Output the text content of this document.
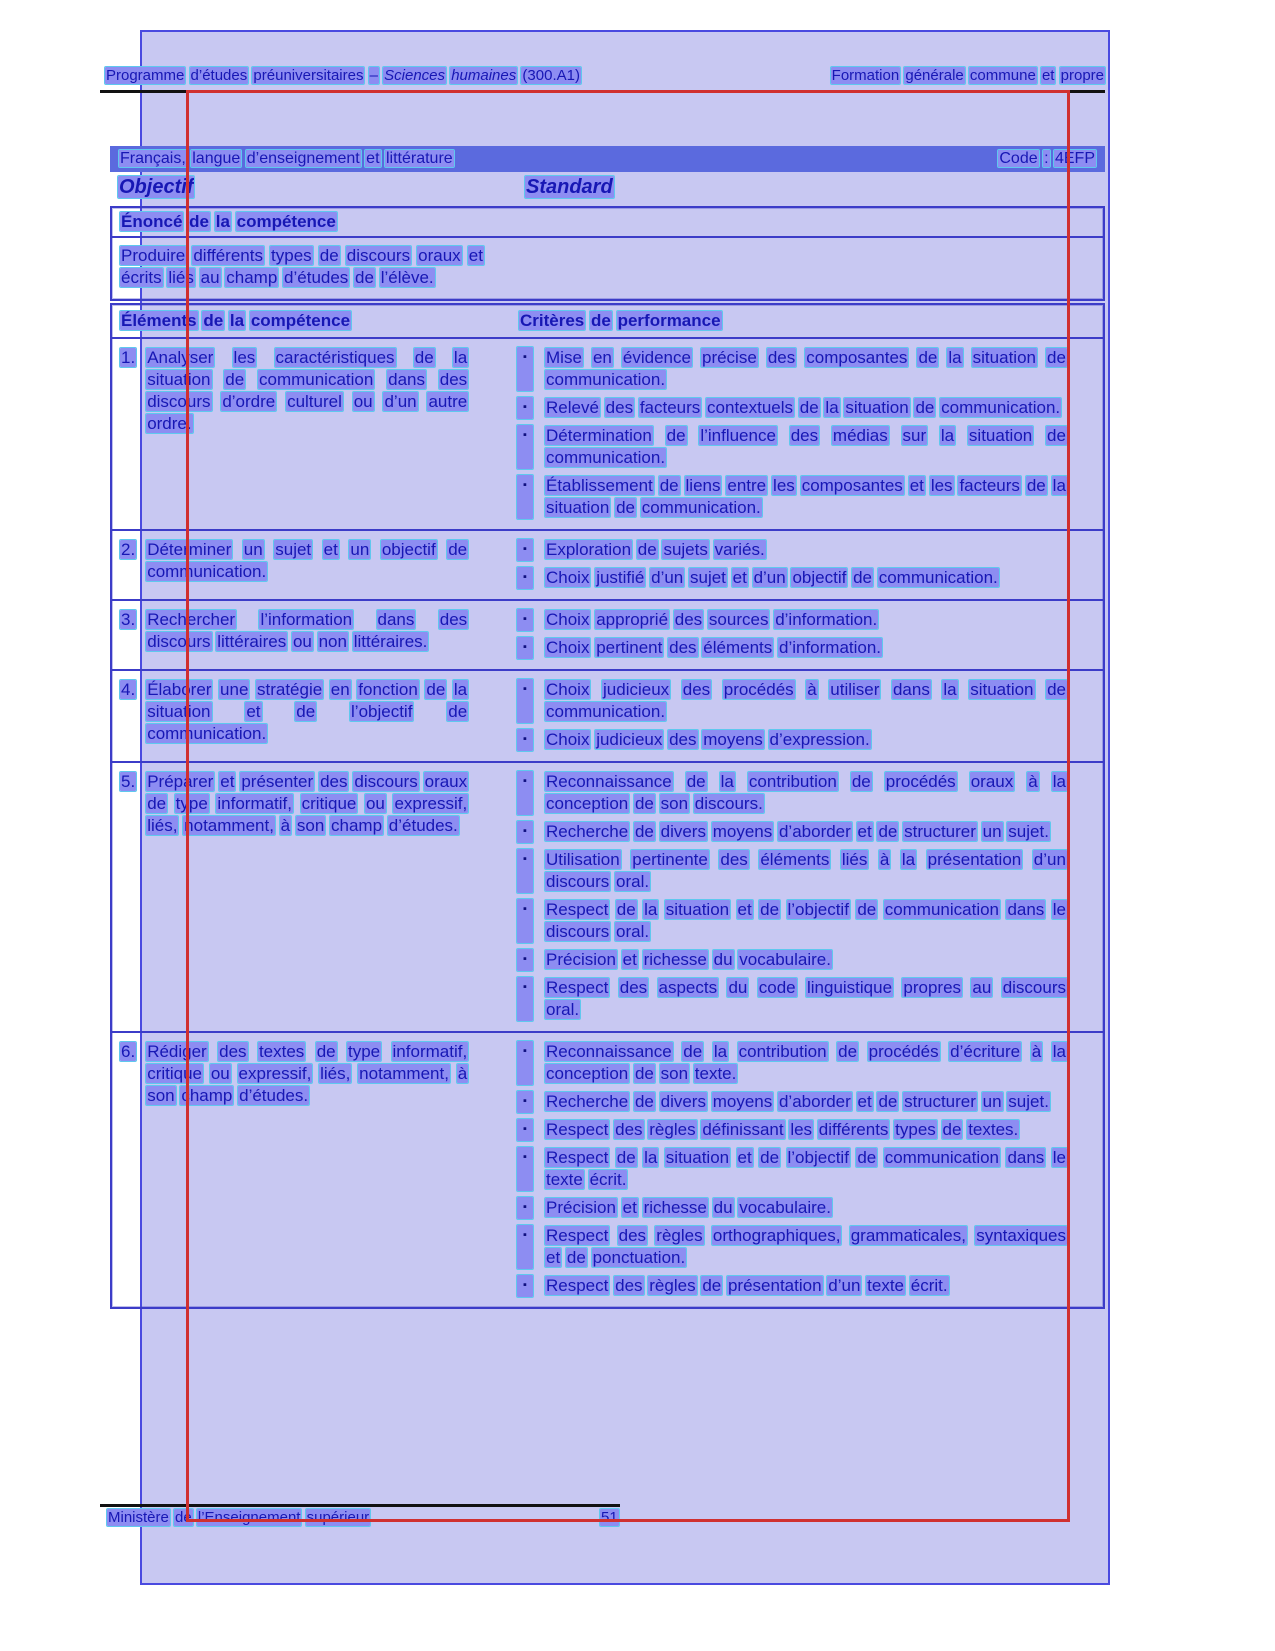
Programme d’études préuniversitaires – Sciences humaines (300.A1)	Formation générale commune et propre
Français, langue d’enseignement et littérature	Code : 4EFP
Objectif	Standard
Énoncé de la compétence
Produire différents types de discours oraux et écrits liés au champ d’études de l’élève.
Éléments de la compétence	Critères de performance
1. Analyser les caractéristiques de la situation de communication dans des discours d’ordre culturel ou d’un autre ordre.
▪	Mise en évidence précise des composantes de la situation de communication.
▪	Relevé des facteurs contextuels de la situation de communication.
▪	Détermination de l’influence des médias sur la situation de communication.
▪	Établissement de liens entre les composantes et les facteurs de la situation de communication.
2. Déterminer un sujet et un objectif de communication.
▪	Exploration de sujets variés.
▪	Choix justifié d’un sujet et d’un objectif de communication.
3. Rechercher l’information dans des discours littéraires ou non littéraires.
▪	Choix approprié des sources d’information.
▪	Choix pertinent des éléments d’information.
4. Élaborer une stratégie en fonction de la situation et de l’objectif de communication.
▪	Choix judicieux des procédés à utiliser dans la situation de communication.
▪	Choix judicieux des moyens d’expression.
5. Préparer et présenter des discours oraux de type informatif, critique ou expressif, liés, notamment, à son champ d’études.
▪	Reconnaissance de la contribution de procédés oraux à la conception de son discours.
▪	Recherche de divers moyens d’aborder et de structurer un sujet.
▪	Utilisation pertinente des éléments liés à la présentation d’un discours oral.
▪	Respect de la situation et de l’objectif de communication dans le discours oral.
▪	Précision et richesse du vocabulaire.
▪	Respect des aspects du code linguistique propres au discours oral.
6. Rédiger des textes de type informatif, critique ou expressif, liés, notamment, à son champ d’études.
▪	Reconnaissance de la contribution de procédés d’écriture à la conception de son texte.
▪	Recherche de divers moyens d’aborder et de structurer un sujet.
▪	Respect des règles définissant les différents types de textes.
▪	Respect de la situation et de l’objectif de communication dans le texte écrit.
▪	Précision et richesse du vocabulaire.
▪	Respect des règles orthographiques, grammaticales, syntaxiques et de ponctuation.
▪	Respect des règles de présentation d’un texte écrit.
Ministère de l’Enseignement supérieur	51
